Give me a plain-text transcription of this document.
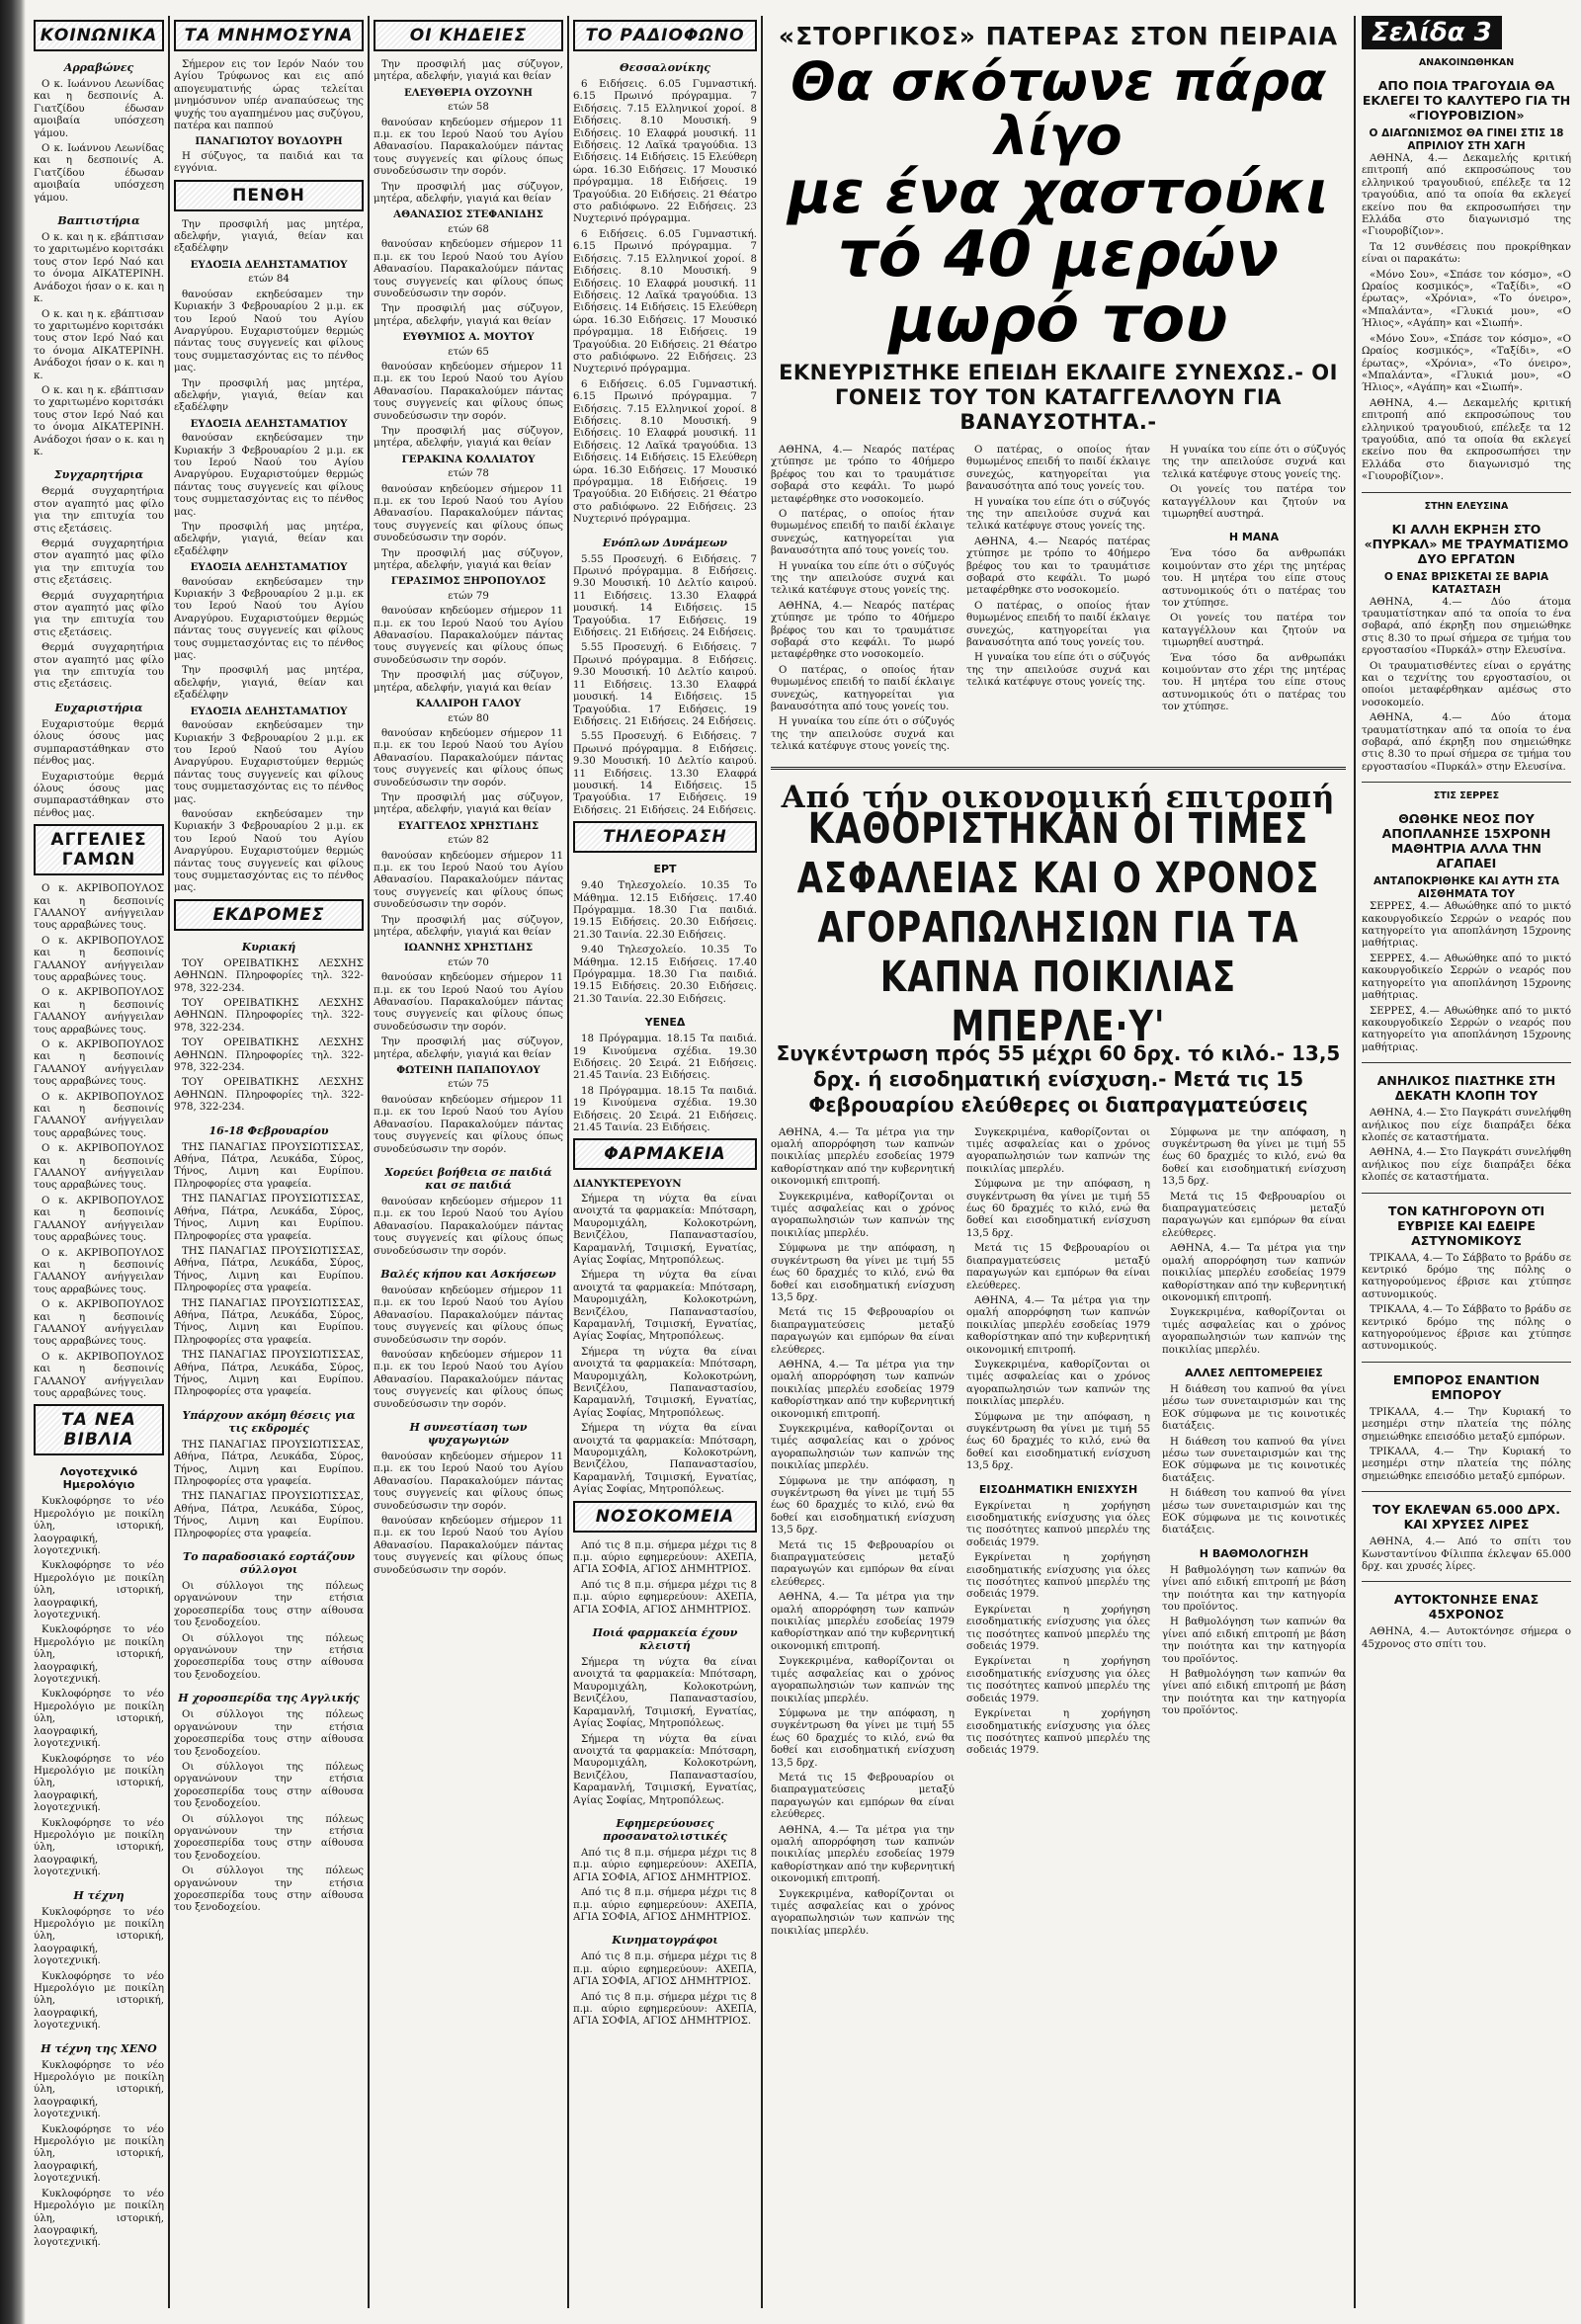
ΚΟΙΝΩΝΙΚΑ
Αρραβώνες

Ο κ. Ιωάννου Λεωνίδας και η δεσποινίς Α. Γιατζίδου έδωσαν αμοιβαία υπόσχεση γάμου.

Ο κ. Ιωάννου Λεωνίδας και η δεσποινίς Α. Γιατζίδου έδωσαν αμοιβαία υπόσχεση γάμου.

Βαπτιστήρια

Ο κ. και η κ. εβάπτισαν το χαριτωμένο κοριτσάκι τους στον Ιερό Ναό και το όνομα ΑΙΚΑΤΕΡΙΝΗ. Ανάδοχοι ήσαν ο κ. και η κ.

Ο κ. και η κ. εβάπτισαν το χαριτωμένο κοριτσάκι τους στον Ιερό Ναό και το όνομα ΑΙΚΑΤΕΡΙΝΗ. Ανάδοχοι ήσαν ο κ. και η κ.

Ο κ. και η κ. εβάπτισαν το χαριτωμένο κοριτσάκι τους στον Ιερό Ναό και το όνομα ΑΙΚΑΤΕΡΙΝΗ. Ανάδοχοι ήσαν ο κ. και η κ.

Συγχαρητήρια

Θερμά συγχαρητήρια στον αγαπητό μας φίλο για την επιτυχία του στις εξετάσεις.

Θερμά συγχαρητήρια στον αγαπητό μας φίλο για την επιτυχία του στις εξετάσεις.

Θερμά συγχαρητήρια στον αγαπητό μας φίλο για την επιτυχία του στις εξετάσεις.

Θερμά συγχαρητήρια στον αγαπητό μας φίλο για την επιτυχία του στις εξετάσεις.

Ευχαριστήρια

Ευχαριστούμε θερμά όλους όσους μας συμπαραστάθηκαν στο πένθος μας.

Ευχαριστούμε θερμά όλους όσους μας συμπαραστάθηκαν στο πένθος μας.

ΑΓΓΕΛΙΕΣ ΓΑΜΩΝ

Ο κ. ΑΚΡΙΒΟΠΟΥΛΟΣ και η δεσποινίς ΓΑΛΑΝΟΥ ανήγγειλαν τους αρραβώνες τους.

Ο κ. ΑΚΡΙΒΟΠΟΥΛΟΣ και η δεσποινίς ΓΑΛΑΝΟΥ ανήγγειλαν τους αρραβώνες τους.

Ο κ. ΑΚΡΙΒΟΠΟΥΛΟΣ και η δεσποινίς ΓΑΛΑΝΟΥ ανήγγειλαν τους αρραβώνες τους.

Ο κ. ΑΚΡΙΒΟΠΟΥΛΟΣ και η δεσποινίς ΓΑΛΑΝΟΥ ανήγγειλαν τους αρραβώνες τους.

Ο κ. ΑΚΡΙΒΟΠΟΥΛΟΣ και η δεσποινίς ΓΑΛΑΝΟΥ ανήγγειλαν τους αρραβώνες τους.

Ο κ. ΑΚΡΙΒΟΠΟΥΛΟΣ και η δεσποινίς ΓΑΛΑΝΟΥ ανήγγειλαν τους αρραβώνες τους.

Ο κ. ΑΚΡΙΒΟΠΟΥΛΟΣ και η δεσποινίς ΓΑΛΑΝΟΥ ανήγγειλαν τους αρραβώνες τους.

Ο κ. ΑΚΡΙΒΟΠΟΥΛΟΣ και η δεσποινίς ΓΑΛΑΝΟΥ ανήγγειλαν τους αρραβώνες τους.

Ο κ. ΑΚΡΙΒΟΠΟΥΛΟΣ και η δεσποινίς ΓΑΛΑΝΟΥ ανήγγειλαν τους αρραβώνες τους.

Ο κ. ΑΚΡΙΒΟΠΟΥΛΟΣ και η δεσποινίς ΓΑΛΑΝΟΥ ανήγγειλαν τους αρραβώνες τους.

ΤΑ ΝΕΑ ΒΙΒΛΙΑ
Λογοτεχνικό Ημερολόγιο

Κυκλοφόρησε το νέο Ημερολόγιο με ποικίλη ύλη, ιστορική, λαογραφική, λογοτεχνική.

Κυκλοφόρησε το νέο Ημερολόγιο με ποικίλη ύλη, ιστορική, λαογραφική, λογοτεχνική.

Κυκλοφόρησε το νέο Ημερολόγιο με ποικίλη ύλη, ιστορική, λαογραφική, λογοτεχνική.

Κυκλοφόρησε το νέο Ημερολόγιο με ποικίλη ύλη, ιστορική, λαογραφική, λογοτεχνική.

Κυκλοφόρησε το νέο Ημερολόγιο με ποικίλη ύλη, ιστορική, λαογραφική, λογοτεχνική.

Κυκλοφόρησε το νέο Ημερολόγιο με ποικίλη ύλη, ιστορική, λαογραφική, λογοτεχνική.

Η τέχνη

Κυκλοφόρησε το νέο Ημερολόγιο με ποικίλη ύλη, ιστορική, λαογραφική, λογοτεχνική.

Κυκλοφόρησε το νέο Ημερολόγιο με ποικίλη ύλη, ιστορική, λαογραφική, λογοτεχνική.

Η τέχνη της ΧΕΝΟ

Κυκλοφόρησε το νέο Ημερολόγιο με ποικίλη ύλη, ιστορική, λαογραφική, λογοτεχνική.

Κυκλοφόρησε το νέο Ημερολόγιο με ποικίλη ύλη, ιστορική, λαογραφική, λογοτεχνική.

Κυκλοφόρησε το νέο Ημερολόγιο με ποικίλη ύλη, ιστορική, λαογραφική, λογοτεχνική.

ΤΑ ΜΝΗΜΟΣΥΝΑ

Σήμερον εις τον Ιερόν Ναόν του Αγίου Τρύφωνος και εις από απογευματινής ώρας τελείται μνημόσυνον υπέρ αναπαύσεως της ψυχής του αγαπημένου μας συζύγου, πατέρα και παππού

ΠΑΝΑΓΙΩΤΟΥ ΒΟΥΔΟΥΡΗ

Η σύζυγος, τα παιδιά και τα εγγόνια.

ΠΕΝΘΗ

Την προσφιλή μας μητέρα, αδελφήν, γιαγιά, θείαν και εξαδέλφην

ΕΥΔΟΞΙΑ ΔΕΛΗΣΤΑΜΑΤΙΟΥ

ετών 84

θανούσαν εκηδεύσαμεν την Κυριακήν 3 Φεβρουαρίου 2 μ.μ. εκ του Ιερού Ναού του Αγίου Αναργύρου. Ευχαριστούμεν θερμώς πάντας τους συγγενείς και φίλους τους συμμετασχόντας εις το πένθος μας.

Την προσφιλή μας μητέρα, αδελφήν, γιαγιά, θείαν και εξαδέλφην

ΕΥΔΟΞΙΑ ΔΕΛΗΣΤΑΜΑΤΙΟΥ

θανούσαν εκηδεύσαμεν την Κυριακήν 3 Φεβρουαρίου 2 μ.μ. εκ του Ιερού Ναού του Αγίου Αναργύρου. Ευχαριστούμεν θερμώς πάντας τους συγγενείς και φίλους τους συμμετασχόντας εις το πένθος μας.

Την προσφιλή μας μητέρα, αδελφήν, γιαγιά, θείαν και εξαδέλφην

ΕΥΔΟΞΙΑ ΔΕΛΗΣΤΑΜΑΤΙΟΥ

θανούσαν εκηδεύσαμεν την Κυριακήν 3 Φεβρουαρίου 2 μ.μ. εκ του Ιερού Ναού του Αγίου Αναργύρου. Ευχαριστούμεν θερμώς πάντας τους συγγενείς και φίλους τους συμμετασχόντας εις το πένθος μας.

Την προσφιλή μας μητέρα, αδελφήν, γιαγιά, θείαν και εξαδέλφην

ΕΥΔΟΞΙΑ ΔΕΛΗΣΤΑΜΑΤΙΟΥ

θανούσαν εκηδεύσαμεν την Κυριακήν 3 Φεβρουαρίου 2 μ.μ. εκ του Ιερού Ναού του Αγίου Αναργύρου. Ευχαριστούμεν θερμώς πάντας τους συγγενείς και φίλους τους συμμετασχόντας εις το πένθος μας.

θανούσαν εκηδεύσαμεν την Κυριακήν 3 Φεβρουαρίου 2 μ.μ. εκ του Ιερού Ναού του Αγίου Αναργύρου. Ευχαριστούμεν θερμώς πάντας τους συγγενείς και φίλους τους συμμετασχόντας εις το πένθος μας.

ΕΚΔΡΟΜΕΣ
Κυριακή

ΤΟΥ ΟΡΕΙΒΑΤΙΚΗΣ ΛΕΣΧΗΣ ΑΘΗΝΩΝ. Πληροφορίες τηλ. 322-978, 322-234.

ΤΟΥ ΟΡΕΙΒΑΤΙΚΗΣ ΛΕΣΧΗΣ ΑΘΗΝΩΝ. Πληροφορίες τηλ. 322-978, 322-234.

ΤΟΥ ΟΡΕΙΒΑΤΙΚΗΣ ΛΕΣΧΗΣ ΑΘΗΝΩΝ. Πληροφορίες τηλ. 322-978, 322-234.

ΤΟΥ ΟΡΕΙΒΑΤΙΚΗΣ ΛΕΣΧΗΣ ΑΘΗΝΩΝ. Πληροφορίες τηλ. 322-978, 322-234.

16-18 Φεβρουαρίου

ΤΗΣ ΠΑΝΑΓΙΑΣ ΠΡΟΥΣΙΩΤΙΣΣΑΣ, Αθήνα, Πάτρα, Λευκάδα, Σύρος, Τήνος, Λιμνη και Ευρίπου. Πληροφορίες στα γραφεία.

ΤΗΣ ΠΑΝΑΓΙΑΣ ΠΡΟΥΣΙΩΤΙΣΣΑΣ, Αθήνα, Πάτρα, Λευκάδα, Σύρος, Τήνος, Λιμνη και Ευρίπου. Πληροφορίες στα γραφεία.

ΤΗΣ ΠΑΝΑΓΙΑΣ ΠΡΟΥΣΙΩΤΙΣΣΑΣ, Αθήνα, Πάτρα, Λευκάδα, Σύρος, Τήνος, Λιμνη και Ευρίπου. Πληροφορίες στα γραφεία.

ΤΗΣ ΠΑΝΑΓΙΑΣ ΠΡΟΥΣΙΩΤΙΣΣΑΣ, Αθήνα, Πάτρα, Λευκάδα, Σύρος, Τήνος, Λιμνη και Ευρίπου. Πληροφορίες στα γραφεία.

ΤΗΣ ΠΑΝΑΓΙΑΣ ΠΡΟΥΣΙΩΤΙΣΣΑΣ, Αθήνα, Πάτρα, Λευκάδα, Σύρος, Τήνος, Λιμνη και Ευρίπου. Πληροφορίες στα γραφεία.

Υπάρχουν ακόμη θέσεις για τις εκδρομές

ΤΗΣ ΠΑΝΑΓΙΑΣ ΠΡΟΥΣΙΩΤΙΣΣΑΣ, Αθήνα, Πάτρα, Λευκάδα, Σύρος, Τήνος, Λιμνη και Ευρίπου. Πληροφορίες στα γραφεία.

ΤΗΣ ΠΑΝΑΓΙΑΣ ΠΡΟΥΣΙΩΤΙΣΣΑΣ, Αθήνα, Πάτρα, Λευκάδα, Σύρος, Τήνος, Λιμνη και Ευρίπου. Πληροφορίες στα γραφεία.

Το παραδοσιακό εορτάζουν σύλλογοι

Οι σύλλογοι της πόλεως οργανώνουν την ετήσια χοροεσπερίδα τους στην αίθουσα του ξενοδοχείου.

Οι σύλλογοι της πόλεως οργανώνουν την ετήσια χοροεσπερίδα τους στην αίθουσα του ξενοδοχείου.

Η χοροσπερίδα της Αγγλικής

Οι σύλλογοι της πόλεως οργανώνουν την ετήσια χοροεσπερίδα τους στην αίθουσα του ξενοδοχείου.

Οι σύλλογοι της πόλεως οργανώνουν την ετήσια χοροεσπερίδα τους στην αίθουσα του ξενοδοχείου.

Οι σύλλογοι της πόλεως οργανώνουν την ετήσια χοροεσπερίδα τους στην αίθουσα του ξενοδοχείου.

Οι σύλλογοι της πόλεως οργανώνουν την ετήσια χοροεσπερίδα τους στην αίθουσα του ξενοδοχείου.

ΟΙ ΚΗΔΕΙΕΣ

Την προσφιλή μας σύζυγον, μητέρα, αδελφήν, γιαγιά και θείαν

ΕΛΕΥΘΕΡΙΑ ΟΥΖΟΥΝΗ

ετών 58

θανούσαν κηδεύομεν σήμερον 11 π.μ. εκ του Ιερού Ναού του Αγίου Αθανασίου. Παρακαλούμεν πάντας τους συγγενείς και φίλους όπως συνοδεύσωσιν την σορόν.

Την προσφιλή μας σύζυγον, μητέρα, αδελφήν, γιαγιά και θείαν

ΑΘΑΝΑΣΙΟΣ ΣΤΕΦΑΝΙΔΗΣ

ετών 68

θανούσαν κηδεύομεν σήμερον 11 π.μ. εκ του Ιερού Ναού του Αγίου Αθανασίου. Παρακαλούμεν πάντας τους συγγενείς και φίλους όπως συνοδεύσωσιν την σορόν.

Την προσφιλή μας σύζυγον, μητέρα, αδελφήν, γιαγιά και θείαν

ΕΥΘΥΜΙΟΣ Α. ΜΟΥΤΟΥ

ετών 65

θανούσαν κηδεύομεν σήμερον 11 π.μ. εκ του Ιερού Ναού του Αγίου Αθανασίου. Παρακαλούμεν πάντας τους συγγενείς και φίλους όπως συνοδεύσωσιν την σορόν.

Την προσφιλή μας σύζυγον, μητέρα, αδελφήν, γιαγιά και θείαν

ΓΕΡΑΚΙΝΑ ΚΟΛΛΙΑΤΟΥ

ετών 78

θανούσαν κηδεύομεν σήμερον 11 π.μ. εκ του Ιερού Ναού του Αγίου Αθανασίου. Παρακαλούμεν πάντας τους συγγενείς και φίλους όπως συνοδεύσωσιν την σορόν.

Την προσφιλή μας σύζυγον, μητέρα, αδελφήν, γιαγιά και θείαν

ΓΕΡΑΣΙΜΟΣ ΞΗΡΟΠΟΥΛΟΣ

ετών 79

θανούσαν κηδεύομεν σήμερον 11 π.μ. εκ του Ιερού Ναού του Αγίου Αθανασίου. Παρακαλούμεν πάντας τους συγγενείς και φίλους όπως συνοδεύσωσιν την σορόν.

Την προσφιλή μας σύζυγον, μητέρα, αδελφήν, γιαγιά και θείαν

ΚΑΛΛΙΡΟΗ ΓΑΛΟΥ

ετών 80

θανούσαν κηδεύομεν σήμερον 11 π.μ. εκ του Ιερού Ναού του Αγίου Αθανασίου. Παρακαλούμεν πάντας τους συγγενείς και φίλους όπως συνοδεύσωσιν την σορόν.

Την προσφιλή μας σύζυγον, μητέρα, αδελφήν, γιαγιά και θείαν

ΕΥΑΓΓΕΛΟΣ ΧΡΗΣΤΙΔΗΣ

ετών 82

θανούσαν κηδεύομεν σήμερον 11 π.μ. εκ του Ιερού Ναού του Αγίου Αθανασίου. Παρακαλούμεν πάντας τους συγγενείς και φίλους όπως συνοδεύσωσιν την σορόν.

Την προσφιλή μας σύζυγον, μητέρα, αδελφήν, γιαγιά και θείαν

ΙΩΑΝΝΗΣ ΧΡΗΣΤΙΔΗΣ

ετών 70

θανούσαν κηδεύομεν σήμερον 11 π.μ. εκ του Ιερού Ναού του Αγίου Αθανασίου. Παρακαλούμεν πάντας τους συγγενείς και φίλους όπως συνοδεύσωσιν την σορόν.

Την προσφιλή μας σύζυγον, μητέρα, αδελφήν, γιαγιά και θείαν

ΦΩΤΕΙΝΗ ΠΑΠΑΠΟΥΛΟΥ

ετών 75

θανούσαν κηδεύομεν σήμερον 11 π.μ. εκ του Ιερού Ναού του Αγίου Αθανασίου. Παρακαλούμεν πάντας τους συγγενείς και φίλους όπως συνοδεύσωσιν την σορόν.

Χορεύει βοήθεια σε παιδιά και σε παιδιά

θανούσαν κηδεύομεν σήμερον 11 π.μ. εκ του Ιερού Ναού του Αγίου Αθανασίου. Παρακαλούμεν πάντας τους συγγενείς και φίλους όπως συνοδεύσωσιν την σορόν.

Βαλές κήπου και Ασκήσεων

θανούσαν κηδεύομεν σήμερον 11 π.μ. εκ του Ιερού Ναού του Αγίου Αθανασίου. Παρακαλούμεν πάντας τους συγγενείς και φίλους όπως συνοδεύσωσιν την σορόν.

θανούσαν κηδεύομεν σήμερον 11 π.μ. εκ του Ιερού Ναού του Αγίου Αθανασίου. Παρακαλούμεν πάντας τους συγγενείς και φίλους όπως συνοδεύσωσιν την σορόν.

Η συνεστίαση των ψυχαγωγιών

θανούσαν κηδεύομεν σήμερον 11 π.μ. εκ του Ιερού Ναού του Αγίου Αθανασίου. Παρακαλούμεν πάντας τους συγγενείς και φίλους όπως συνοδεύσωσιν την σορόν.

θανούσαν κηδεύομεν σήμερον 11 π.μ. εκ του Ιερού Ναού του Αγίου Αθανασίου. Παρακαλούμεν πάντας τους συγγενείς και φίλους όπως συνοδεύσωσιν την σορόν.

ΤΟ ΡΑΔΙΟΦΩΝΟ
Θεσσαλονίκης

6 Ειδήσεις. 6.05 Γυμναστική. 6.15 Πρωινό πρόγραμμα. 7 Ειδήσεις. 7.15 Ελληνικοί χοροί. 8 Ειδήσεις. 8.10 Μουσική. 9 Ειδήσεις. 10 Ελαφρά μουσική. 11 Ειδήσεις. 12 Λαϊκά τραγούδια. 13 Ειδήσεις. 14 Ειδήσεις. 15 Ελεύθερη ώρα. 16.30 Ειδήσεις. 17 Μουσικό πρόγραμμα. 18 Ειδήσεις. 19 Τραγούδια. 20 Ειδήσεις. 21 Θέατρο στο ραδιόφωνο. 22 Ειδήσεις. 23 Νυχτερινό πρόγραμμα.

6 Ειδήσεις. 6.05 Γυμναστική. 6.15 Πρωινό πρόγραμμα. 7 Ειδήσεις. 7.15 Ελληνικοί χοροί. 8 Ειδήσεις. 8.10 Μουσική. 9 Ειδήσεις. 10 Ελαφρά μουσική. 11 Ειδήσεις. 12 Λαϊκά τραγούδια. 13 Ειδήσεις. 14 Ειδήσεις. 15 Ελεύθερη ώρα. 16.30 Ειδήσεις. 17 Μουσικό πρόγραμμα. 18 Ειδήσεις. 19 Τραγούδια. 20 Ειδήσεις. 21 Θέατρο στο ραδιόφωνο. 22 Ειδήσεις. 23 Νυχτερινό πρόγραμμα.

6 Ειδήσεις. 6.05 Γυμναστική. 6.15 Πρωινό πρόγραμμα. 7 Ειδήσεις. 7.15 Ελληνικοί χοροί. 8 Ειδήσεις. 8.10 Μουσική. 9 Ειδήσεις. 10 Ελαφρά μουσική. 11 Ειδήσεις. 12 Λαϊκά τραγούδια. 13 Ειδήσεις. 14 Ειδήσεις. 15 Ελεύθερη ώρα. 16.30 Ειδήσεις. 17 Μουσικό πρόγραμμα. 18 Ειδήσεις. 19 Τραγούδια. 20 Ειδήσεις. 21 Θέατρο στο ραδιόφωνο. 22 Ειδήσεις. 23 Νυχτερινό πρόγραμμα.

Ενόπλων Δυνάμεων

5.55 Προσευχή. 6 Ειδήσεις. 7 Πρωινό πρόγραμμα. 8 Ειδήσεις. 9.30 Μουσική. 10 Δελτίο καιρού. 11 Ειδήσεις. 13.30 Ελαφρά μουσική. 14 Ειδήσεις. 15 Τραγούδια. 17 Ειδήσεις. 19 Ειδήσεις. 21 Ειδήσεις. 24 Ειδήσεις.

5.55 Προσευχή. 6 Ειδήσεις. 7 Πρωινό πρόγραμμα. 8 Ειδήσεις. 9.30 Μουσική. 10 Δελτίο καιρού. 11 Ειδήσεις. 13.30 Ελαφρά μουσική. 14 Ειδήσεις. 15 Τραγούδια. 17 Ειδήσεις. 19 Ειδήσεις. 21 Ειδήσεις. 24 Ειδήσεις.

5.55 Προσευχή. 6 Ειδήσεις. 7 Πρωινό πρόγραμμα. 8 Ειδήσεις. 9.30 Μουσική. 10 Δελτίο καιρού. 11 Ειδήσεις. 13.30 Ελαφρά μουσική. 14 Ειδήσεις. 15 Τραγούδια. 17 Ειδήσεις. 19 Ειδήσεις. 21 Ειδήσεις. 24 Ειδήσεις.

ΤΗΛΕΟΡΑΣΗ
ΕΡΤ

9.40 Τηλεσχολείο. 10.35 Το Μάθημα. 12.15 Ειδήσεις. 17.40 Πρόγραμμα. 18.30 Για παιδιά. 19.15 Ειδήσεις. 20.30 Ειδήσεις. 21.30 Ταινία. 22.30 Ειδήσεις.

9.40 Τηλεσχολείο. 10.35 Το Μάθημα. 12.15 Ειδήσεις. 17.40 Πρόγραμμα. 18.30 Για παιδιά. 19.15 Ειδήσεις. 20.30 Ειδήσεις. 21.30 Ταινία. 22.30 Ειδήσεις.

ΥΕΝΕΔ

18 Πρόγραμμα. 18.15 Τα παιδιά. 19 Κινούμενα σχέδια. 19.30 Ειδήσεις. 20 Σειρά. 21 Ειδήσεις. 21.45 Ταινία. 23 Ειδήσεις.

18 Πρόγραμμα. 18.15 Τα παιδιά. 19 Κινούμενα σχέδια. 19.30 Ειδήσεις. 20 Σειρά. 21 Ειδήσεις. 21.45 Ταινία. 23 Ειδήσεις.

ΦΑΡΜΑΚΕΙΑ

ΔΙΑΝΥΚΤΕΡΕΥΟΥΝ

Σήμερα τη νύχτα θα είναι ανοιχτά τα φαρμακεία: Μπότσαρη, Μαυρομιχάλη, Κολοκοτρώνη, Βενιζέλου, Παπαναστασίου, Καραμανλή, Τσιμισκή, Εγνατίας, Αγίας Σοφίας, Μητροπόλεως.

Σήμερα τη νύχτα θα είναι ανοιχτά τα φαρμακεία: Μπότσαρη, Μαυρομιχάλη, Κολοκοτρώνη, Βενιζέλου, Παπαναστασίου, Καραμανλή, Τσιμισκή, Εγνατίας, Αγίας Σοφίας, Μητροπόλεως.

Σήμερα τη νύχτα θα είναι ανοιχτά τα φαρμακεία: Μπότσαρη, Μαυρομιχάλη, Κολοκοτρώνη, Βενιζέλου, Παπαναστασίου, Καραμανλή, Τσιμισκή, Εγνατίας, Αγίας Σοφίας, Μητροπόλεως.

Σήμερα τη νύχτα θα είναι ανοιχτά τα φαρμακεία: Μπότσαρη, Μαυρομιχάλη, Κολοκοτρώνη, Βενιζέλου, Παπαναστασίου, Καραμανλή, Τσιμισκή, Εγνατίας, Αγίας Σοφίας, Μητροπόλεως.

ΝΟΣΟΚΟΜΕΙΑ

Από τις 8 π.μ. σήμερα μέχρι τις 8 π.μ. αύριο εφημερεύουν: ΑΧΕΠΑ, ΑΓΙΑ ΣΟΦΙΑ, ΑΓΙΟΣ ΔΗΜΗΤΡΙΟΣ.

Από τις 8 π.μ. σήμερα μέχρι τις 8 π.μ. αύριο εφημερεύουν: ΑΧΕΠΑ, ΑΓΙΑ ΣΟΦΙΑ, ΑΓΙΟΣ ΔΗΜΗΤΡΙΟΣ.

Ποιά φαρμακεία έχουν κλειστή

Σήμερα τη νύχτα θα είναι ανοιχτά τα φαρμακεία: Μπότσαρη, Μαυρομιχάλη, Κολοκοτρώνη, Βενιζέλου, Παπαναστασίου, Καραμανλή, Τσιμισκή, Εγνατίας, Αγίας Σοφίας, Μητροπόλεως.

Σήμερα τη νύχτα θα είναι ανοιχτά τα φαρμακεία: Μπότσαρη, Μαυρομιχάλη, Κολοκοτρώνη, Βενιζέλου, Παπαναστασίου, Καραμανλή, Τσιμισκή, Εγνατίας, Αγίας Σοφίας, Μητροπόλεως.

Εφημερεύουσες προσανατολιστικές

Από τις 8 π.μ. σήμερα μέχρι τις 8 π.μ. αύριο εφημερεύουν: ΑΧΕΠΑ, ΑΓΙΑ ΣΟΦΙΑ, ΑΓΙΟΣ ΔΗΜΗΤΡΙΟΣ.

Από τις 8 π.μ. σήμερα μέχρι τις 8 π.μ. αύριο εφημερεύουν: ΑΧΕΠΑ, ΑΓΙΑ ΣΟΦΙΑ, ΑΓΙΟΣ ΔΗΜΗΤΡΙΟΣ.

Κινηματογράφοι

Από τις 8 π.μ. σήμερα μέχρι τις 8 π.μ. αύριο εφημερεύουν: ΑΧΕΠΑ, ΑΓΙΑ ΣΟΦΙΑ, ΑΓΙΟΣ ΔΗΜΗΤΡΙΟΣ.

Από τις 8 π.μ. σήμερα μέχρι τις 8 π.μ. αύριο εφημερεύουν: ΑΧΕΠΑ, ΑΓΙΑ ΣΟΦΙΑ, ΑΓΙΟΣ ΔΗΜΗΤΡΙΟΣ.

«ΣΤΟΡΓΙΚΟΣ» ΠΑΤΕΡΑΣ ΣΤΟΝ ΠΕΙΡΑΙΑ
Θα σκότωνε πάρα λίγο
με ένα χαστούκι
τό 40 μερών μωρό του
ΕΚΝΕΥΡΙΣΤΗΚΕ ΕΠΕΙΔΗ ΕΚΛΑΙΓΕ ΣΥΝΕΧΩΣ.- ΟΙ ΓΟΝΕΙΣ ΤΟΥ ΤΟΝ ΚΑΤΑΓΓΕΛΛΟΥΝ ΓΙΑ ΒΑΝΑΥΣΟΤΗΤΑ.-

ΑΘΗΝΑ, 4.— Νεαρός πατέρας χτύπησε με τρόπο το 40ήμερο βρέφος του και το τραυμάτισε σοβαρά στο κεφάλι. Το μωρό μεταφέρθηκε στο νοσοκομείο.

Ο πατέρας, ο οποίος ήταν θυμωμένος επειδή το παιδί έκλαιγε συνεχώς, κατηγορείται για βαναυσότητα από τους γονείς του.

Η γυναίκα του είπε ότι ο σύζυγός της την απειλούσε συχνά και τελικά κατέφυγε στους γονείς της.

ΑΘΗΝΑ, 4.— Νεαρός πατέρας χτύπησε με τρόπο το 40ήμερο βρέφος του και το τραυμάτισε σοβαρά στο κεφάλι. Το μωρό μεταφέρθηκε στο νοσοκομείο.

Ο πατέρας, ο οποίος ήταν θυμωμένος επειδή το παιδί έκλαιγε συνεχώς, κατηγορείται για βαναυσότητα από τους γονείς του.

Η γυναίκα του είπε ότι ο σύζυγός της την απειλούσε συχνά και τελικά κατέφυγε στους γονείς της.

Ο πατέρας, ο οποίος ήταν θυμωμένος επειδή το παιδί έκλαιγε συνεχώς, κατηγορείται για βαναυσότητα από τους γονείς του.

Η γυναίκα του είπε ότι ο σύζυγός της την απειλούσε συχνά και τελικά κατέφυγε στους γονείς της.

ΑΘΗΝΑ, 4.— Νεαρός πατέρας χτύπησε με τρόπο το 40ήμερο βρέφος του και το τραυμάτισε σοβαρά στο κεφάλι. Το μωρό μεταφέρθηκε στο νοσοκομείο.

Ο πατέρας, ο οποίος ήταν θυμωμένος επειδή το παιδί έκλαιγε συνεχώς, κατηγορείται για βαναυσότητα από τους γονείς του.

Η γυναίκα του είπε ότι ο σύζυγός της την απειλούσε συχνά και τελικά κατέφυγε στους γονείς της.

Η γυναίκα του είπε ότι ο σύζυγός της την απειλούσε συχνά και τελικά κατέφυγε στους γονείς της.

Οι γονείς του πατέρα τον καταγγέλλουν και ζητούν να τιμωρηθεί αυστηρά.

Η ΜΑΝΑ

Ένα τόσο δα ανθρωπάκι κοιμούνταν στο χέρι της μητέρας του. Η μητέρα του είπε στους αστυνομικούς ότι ο πατέρας του τον χτύπησε.

Οι γονείς του πατέρα τον καταγγέλλουν και ζητούν να τιμωρηθεί αυστηρά.

Ένα τόσο δα ανθρωπάκι κοιμούνταν στο χέρι της μητέρας του. Η μητέρα του είπε στους αστυνομικούς ότι ο πατέρας του τον χτύπησε.

Από τήν οικονομική επιτροπή
ΚΑΘΟΡΙΣΤΗΚΑΝ ΟΙ ΤΙΜΕΣ ΑΣΦΑΛΕΙΑΣ ΚΑΙ Ο ΧΡΟΝΟΣ ΑΓΟΡΑΠΩΛΗΣΙΩΝ ΓΙΑ ΤΑ ΚΑΠΝΑ ΠΟΙΚΙΛΙΑΣ ΜΠΕΡΛΕ·Υ'
Συγκέντρωση πρός 55 μέχρι 60 δρχ. τό κιλό.- 13,5 δρχ. ή εισοδηματική ενίσχυση.- Μετά τις 15 Φεβρουαρίου ελεύθερες οι διαπραγματεύσεις

ΑΘΗΝΑ, 4.— Τα μέτρα για την ομαλή απορρόφηση των καπνών ποικιλίας μπερλέυ εσοδείας 1979 καθορίστηκαν από την κυβερνητική οικονομική επιτροπή.

Συγκεκριμένα, καθορίζονται οι τιμές ασφαλείας και ο χρόνος αγοραπωλησιών των καπνών της ποικιλίας μπερλέυ.

Σύμφωνα με την απόφαση, η συγκέντρωση θα γίνει με τιμή 55 έως 60 δραχμές το κιλό, ενώ θα δοθεί και εισοδηματική ενίσχυση 13,5 δρχ.

Μετά τις 15 Φεβρουαρίου οι διαπραγματεύσεις μεταξύ παραγωγών και εμπόρων θα είναι ελεύθερες.

ΑΘΗΝΑ, 4.— Τα μέτρα για την ομαλή απορρόφηση των καπνών ποικιλίας μπερλέυ εσοδείας 1979 καθορίστηκαν από την κυβερνητική οικονομική επιτροπή.

Συγκεκριμένα, καθορίζονται οι τιμές ασφαλείας και ο χρόνος αγοραπωλησιών των καπνών της ποικιλίας μπερλέυ.

Σύμφωνα με την απόφαση, η συγκέντρωση θα γίνει με τιμή 55 έως 60 δραχμές το κιλό, ενώ θα δοθεί και εισοδηματική ενίσχυση 13,5 δρχ.

Μετά τις 15 Φεβρουαρίου οι διαπραγματεύσεις μεταξύ παραγωγών και εμπόρων θα είναι ελεύθερες.

ΑΘΗΝΑ, 4.— Τα μέτρα για την ομαλή απορρόφηση των καπνών ποικιλίας μπερλέυ εσοδείας 1979 καθορίστηκαν από την κυβερνητική οικονομική επιτροπή.

Συγκεκριμένα, καθορίζονται οι τιμές ασφαλείας και ο χρόνος αγοραπωλησιών των καπνών της ποικιλίας μπερλέυ.

Σύμφωνα με την απόφαση, η συγκέντρωση θα γίνει με τιμή 55 έως 60 δραχμές το κιλό, ενώ θα δοθεί και εισοδηματική ενίσχυση 13,5 δρχ.

Μετά τις 15 Φεβρουαρίου οι διαπραγματεύσεις μεταξύ παραγωγών και εμπόρων θα είναι ελεύθερες.

ΑΘΗΝΑ, 4.— Τα μέτρα για την ομαλή απορρόφηση των καπνών ποικιλίας μπερλέυ εσοδείας 1979 καθορίστηκαν από την κυβερνητική οικονομική επιτροπή.

Συγκεκριμένα, καθορίζονται οι τιμές ασφαλείας και ο χρόνος αγοραπωλησιών των καπνών της ποικιλίας μπερλέυ.

Συγκεκριμένα, καθορίζονται οι τιμές ασφαλείας και ο χρόνος αγοραπωλησιών των καπνών της ποικιλίας μπερλέυ.

Σύμφωνα με την απόφαση, η συγκέντρωση θα γίνει με τιμή 55 έως 60 δραχμές το κιλό, ενώ θα δοθεί και εισοδηματική ενίσχυση 13,5 δρχ.

Μετά τις 15 Φεβρουαρίου οι διαπραγματεύσεις μεταξύ παραγωγών και εμπόρων θα είναι ελεύθερες.

ΑΘΗΝΑ, 4.— Τα μέτρα για την ομαλή απορρόφηση των καπνών ποικιλίας μπερλέυ εσοδείας 1979 καθορίστηκαν από την κυβερνητική οικονομική επιτροπή.

Συγκεκριμένα, καθορίζονται οι τιμές ασφαλείας και ο χρόνος αγοραπωλησιών των καπνών της ποικιλίας μπερλέυ.

Σύμφωνα με την απόφαση, η συγκέντρωση θα γίνει με τιμή 55 έως 60 δραχμές το κιλό, ενώ θα δοθεί και εισοδηματική ενίσχυση 13,5 δρχ.

ΕΙΣΟΔΗΜΑΤΙΚΗ ΕΝΙΣΧΥΣΗ

Εγκρίνεται η χορήγηση εισοδηματικής ενίσχυσης για όλες τις ποσότητες καπνού μπερλέυ της σοδειάς 1979.

Εγκρίνεται η χορήγηση εισοδηματικής ενίσχυσης για όλες τις ποσότητες καπνού μπερλέυ της σοδειάς 1979.

Εγκρίνεται η χορήγηση εισοδηματικής ενίσχυσης για όλες τις ποσότητες καπνού μπερλέυ της σοδειάς 1979.

Εγκρίνεται η χορήγηση εισοδηματικής ενίσχυσης για όλες τις ποσότητες καπνού μπερλέυ της σοδειάς 1979.

Εγκρίνεται η χορήγηση εισοδηματικής ενίσχυσης για όλες τις ποσότητες καπνού μπερλέυ της σοδειάς 1979.

Σύμφωνα με την απόφαση, η συγκέντρωση θα γίνει με τιμή 55 έως 60 δραχμές το κιλό, ενώ θα δοθεί και εισοδηματική ενίσχυση 13,5 δρχ.

Μετά τις 15 Φεβρουαρίου οι διαπραγματεύσεις μεταξύ παραγωγών και εμπόρων θα είναι ελεύθερες.

ΑΘΗΝΑ, 4.— Τα μέτρα για την ομαλή απορρόφηση των καπνών ποικιλίας μπερλέυ εσοδείας 1979 καθορίστηκαν από την κυβερνητική οικονομική επιτροπή.

Συγκεκριμένα, καθορίζονται οι τιμές ασφαλείας και ο χρόνος αγοραπωλησιών των καπνών της ποικιλίας μπερλέυ.

ΑΛΛΕΣ ΛΕΠΤΟΜΕΡΕΙΕΣ

Η διάθεση του καπνού θα γίνει μέσω των συνεταιρισμών και της ΕΟΚ σύμφωνα με τις κοινοτικές διατάξεις.

Η διάθεση του καπνού θα γίνει μέσω των συνεταιρισμών και της ΕΟΚ σύμφωνα με τις κοινοτικές διατάξεις.

Η διάθεση του καπνού θα γίνει μέσω των συνεταιρισμών και της ΕΟΚ σύμφωνα με τις κοινοτικές διατάξεις.

Η ΒΑΘΜΟΛΟΓΗΣΗ

Η βαθμολόγηση των καπνών θα γίνει από ειδική επιτροπή με βάση την ποιότητα και την κατηγορία του προϊόντος.

Η βαθμολόγηση των καπνών θα γίνει από ειδική επιτροπή με βάση την ποιότητα και την κατηγορία του προϊόντος.

Η βαθμολόγηση των καπνών θα γίνει από ειδική επιτροπή με βάση την ποιότητα και την κατηγορία του προϊόντος.

Σελίδα 3
ΑΝΑΚΟΙΝΩΘΗΚΑΝ
ΑΠΟ ΠΟΙΑ ΤΡΑΓΟΥΔΙΑ ΘΑ ΕΚΛΕΓΕΙ ΤΟ ΚΑΛΥΤΕΡΟ ΓΙΑ ΤΗ «ΓΙΟΥΡΟΒΙΖΙΟΝ»
Ο ΔΙΑΓΩΝΙΣΜΟΣ ΘΑ ΓΙΝΕΙ ΣΤΙΣ 18 ΑΠΡΙΛΙΟΥ ΣΤΗ ΧΑΓΗ

ΑΘΗΝΑ, 4.— Δεκαμελής κριτική επιτροπή από εκπροσώπους του ελληνικού τραγουδιού, επέλεξε τα 12 τραγούδια, από τα οποία θα εκλεγεί εκείνο που θα εκπροσωπήσει την Ελλάδα στο διαγωνισμό της «Γιουροβίζιον».

Τα 12 συνθέσεις που προκρίθηκαν είναι οι παρακάτω:

«Μόνο Σου», «Σπάσε τον κόσμο», «Ο Ωραίος κοσμικός», «Ταξίδι», «Ο έρωτας», «Χρόνια», «Το όνειρο», «Μπαλάντα», «Γλυκιά μου», «Ο Ήλιος», «Αγάπη» και «Σιωπή».

«Μόνο Σου», «Σπάσε τον κόσμο», «Ο Ωραίος κοσμικός», «Ταξίδι», «Ο έρωτας», «Χρόνια», «Το όνειρο», «Μπαλάντα», «Γλυκιά μου», «Ο Ήλιος», «Αγάπη» και «Σιωπή».

ΑΘΗΝΑ, 4.— Δεκαμελής κριτική επιτροπή από εκπροσώπους του ελληνικού τραγουδιού, επέλεξε τα 12 τραγούδια, από τα οποία θα εκλεγεί εκείνο που θα εκπροσωπήσει την Ελλάδα στο διαγωνισμό της «Γιουροβίζιον».

ΣΤΗΝ ΕΛΕΥΣΙΝΑ
ΚΙ ΑΛΛΗ ΕΚΡΗΞΗ ΣΤΟ «ΠΥΡΚΑΛ» ΜΕ ΤΡΑΥΜΑΤΙΣΜΟ ΔΥΟ ΕΡΓΑΤΩΝ
Ο ΕΝΑΣ ΒΡΙΣΚΕΤΑΙ ΣΕ ΒΑΡΙΑ ΚΑΤΑΣΤΑΣΗ

ΑΘΗΝΑ, 4.— Δύο άτομα τραυματίστηκαν από τα οποία το ένα σοβαρά, από έκρηξη που σημειώθηκε στις 8.30 το πρωί σήμερα σε τμήμα του εργοστασίου «Πυρκάλ» στην Ελευσίνα.

Οι τραυματισθέντες είναι ο εργάτης και ο τεχνίτης του εργοστασίου, οι οποίοι μεταφέρθηκαν αμέσως στο νοσοκομείο.

ΑΘΗΝΑ, 4.— Δύο άτομα τραυματίστηκαν από τα οποία το ένα σοβαρά, από έκρηξη που σημειώθηκε στις 8.30 το πρωί σήμερα σε τμήμα του εργοστασίου «Πυρκάλ» στην Ελευσίνα.

ΣΤΙΣ ΣΕΡΡΕΣ
ΘΩΘΗΚΕ ΝΕΟΣ ΠΟΥ ΑΠΟΠΛΑΝΗΣΕ 15ΧΡΟΝΗ ΜΑΘΗΤΡΙΑ ΑΛΛΑ ΤΗΝ ΑΓΑΠΑΕΙ
ΑΝΤΑΠΟΚΡΙΘΗΚΕ ΚΑΙ ΑΥΤΗ ΣΤΑ ΑΙΣΘΗΜΑΤΑ ΤΟΥ

ΣΕΡΡΕΣ, 4.— Αθωώθηκε από το μικτό κακουργοδικείο Σερρών ο νεαρός που κατηγορείτο για αποπλάνηση 15χρονης μαθήτριας.

ΣΕΡΡΕΣ, 4.— Αθωώθηκε από το μικτό κακουργοδικείο Σερρών ο νεαρός που κατηγορείτο για αποπλάνηση 15χρονης μαθήτριας.

ΣΕΡΡΕΣ, 4.— Αθωώθηκε από το μικτό κακουργοδικείο Σερρών ο νεαρός που κατηγορείτο για αποπλάνηση 15χρονης μαθήτριας.

ΑΝΗΛΙΚΟΣ ΠΙΑΣΤΗΚΕ ΣΤΗ ΔΕΚΑΤΗ ΚΛΟΠΗ ΤΟΥ

ΑΘΗΝΑ, 4.— Στο Παγκράτι συνελήφθη ανήλικος που είχε διαπράξει δέκα κλοπές σε καταστήματα.

ΑΘΗΝΑ, 4.— Στο Παγκράτι συνελήφθη ανήλικος που είχε διαπράξει δέκα κλοπές σε καταστήματα.

ΤΟΝ ΚΑΤΗΓΟΡΟΥΝ ΟΤΙ ΕΥΒΡΙΣΕ ΚΑΙ ΕΔΕΙΡΕ ΑΣΤΥΝΟΜΙΚΟΥΣ

ΤΡΙΚΑΛΑ, 4.— Το Σάββατο το βράδυ σε κεντρικό δρόμο της πόλης ο κατηγορούμενος έβρισε και χτύπησε αστυνομικούς.

ΤΡΙΚΑΛΑ, 4.— Το Σάββατο το βράδυ σε κεντρικό δρόμο της πόλης ο κατηγορούμενος έβρισε και χτύπησε αστυνομικούς.

ΕΜΠΟΡΟΣ ΕΝΑΝΤΙΟΝ ΕΜΠΟΡΟΥ

ΤΡΙΚΑΛΑ, 4.— Την Κυριακή το μεσημέρι στην πλατεία της πόλης σημειώθηκε επεισόδιο μεταξύ εμπόρων.

ΤΡΙΚΑΛΑ, 4.— Την Κυριακή το μεσημέρι στην πλατεία της πόλης σημειώθηκε επεισόδιο μεταξύ εμπόρων.

ΤΟΥ ΕΚΛΕΨΑΝ 65.000 ΔΡΧ. ΚΑΙ ΧΡΥΣΕΣ ΛΙΡΕΣ

ΑΘΗΝΑ, 4.— Από το σπίτι του Κωνσταντίνου Φίλιππα έκλεψαν 65.000 δρχ. και χρυσές λίρες.

ΑΥΤΟΚΤΟΝΗΣΕ ΕΝΑΣ 45ΧΡΟΝΟΣ

ΑΘΗΝΑ, 4.— Αυτοκτόνησε σήμερα ο 45χρονος στο σπίτι του.
